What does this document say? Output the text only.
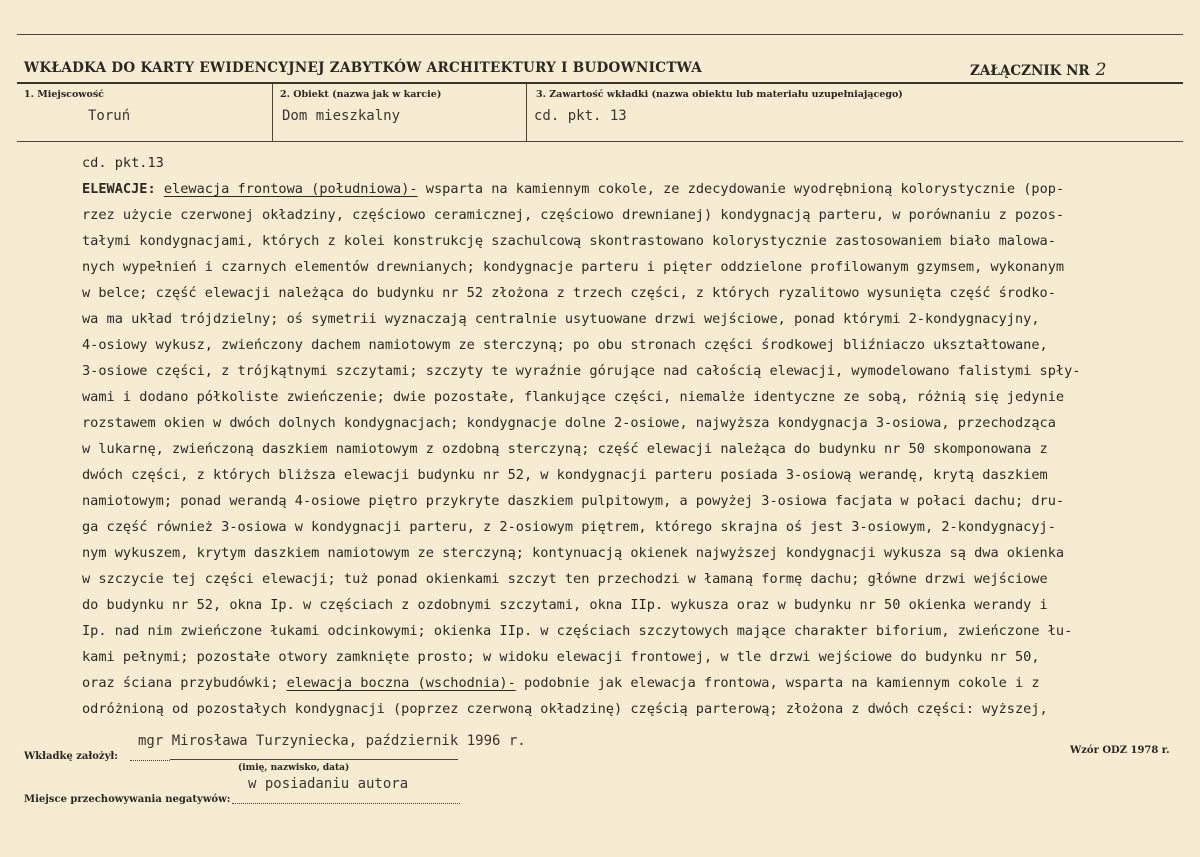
WKŁADKA DO KARTY EWIDENCYJNEJ ZABYTKÓW ARCHITEKTURY I BUDOWNICTWA	ZAŁĄCZNIK NR 2
1. Miejscowość
Toruń
2. Obiekt (nazwa jak w karcie)
Dom mieszkalny
3. Zawartość wkładki (nazwa obiektu lub materiału uzupełniającego)
cd. pkt. 13
cd. pkt.13
ELEWACJE: elewacja frontowa (południowa)- wsparta na kamiennym cokole, ze zdecydowanie wyodrębnioną kolorystycznie (pop-
rzez użycie czerwonej okładziny, częściowo ceramicznej, częściowo drewnianej) kondygnacją parteru, w porównaniu z pozos-
tałymi kondygnacjami, których z kolei konstrukcję szachulcową skontrastowano kolorystycznie zastosowaniem biało malowa-
nych wypełnień i czarnych elementów drewnianych; kondygnacje parteru i pięter oddzielone profilowanym gzymsem, wykonanym
w belce; część elewacji należąca do budynku nr 52 złożona z trzech części, z których ryzalitowo wysunięta część środko-
wa ma układ trójdzielny; oś symetrii wyznaczają centralnie usytuowane drzwi wejściowe, ponad którymi 2-kondygnacyjny,
4-osiowy wykusz, zwieńczony dachem namiotowym ze sterczyną; po obu stronach części środkowej bliźniaczo ukształtowane,
3-osiowe części, z trójkątnymi szczytami; szczyty te wyraźnie górujące nad całością elewacji, wymodelowano falistymi spły-
wami i dodano półkoliste zwieńczenie; dwie pozostałe, flankujące części, niemalże identyczne ze sobą, różnią się jedynie
rozstawem okien w dwóch dolnych kondygnacjach; kondygnacje dolne 2-osiowe, najwyższa kondygnacja 3-osiowa, przechodząca
w lukarnę, zwieńczoną daszkiem namiotowym z ozdobną sterczyną; część elewacji należąca do budynku nr 50 skomponowana z
dwóch części, z których bliższa elewacji budynku nr 52, w kondygnacji parteru posiada 3-osiową werandę, krytą daszkiem
namiotowym; ponad werandą 4-osiowe piętro przykryte daszkiem pulpitowym, a powyżej 3-osiowa facjata w połaci dachu; dru-
ga część również 3-osiowa w kondygnacji parteru, z 2-osiowym piętrem, którego skrajna oś jest 3-osiowym, 2-kondygnacyj-
nym wykuszem, krytym daszkiem namiotowym ze sterczyną; kontynuacją okienek najwyższej kondygnacji wykusza są dwa okienka
w szczycie tej części elewacji; tuż ponad okienkami szczyt ten przechodzi w łamaną formę dachu; główne drzwi wejściowe
do budynku nr 52, okna Ip. w częściach z ozdobnymi szczytami, okna IIp. wykusza oraz w budynku nr 50 okienka werandy i
Ip. nad nim zwieńczone łukami odcinkowymi; okienka IIp. w częściach szczytowych mające charakter biforium, zwieńczone łu-
kami pełnymi; pozostałe otwory zamknięte prosto; w widoku elewacji frontowej, w tle drzwi wejściowe do budynku nr 50,
oraz ściana przybudówki; elewacja boczna (wschodnia)- podobnie jak elewacja frontowa, wsparta na kamiennym cokole i z
odróżnioną od pozostałych kondygnacji (poprzez czerwoną okładzinę) częścią parterową; złożona z dwóch części: wyższej,
Wkładkę założył:
mgr Mirosława Turzyniecka, październik 1996 r.
(imię, nazwisko, data)
Miejsce przechowywania negatywów:
w posiadaniu autora
Wzór ODZ 1978 r.
